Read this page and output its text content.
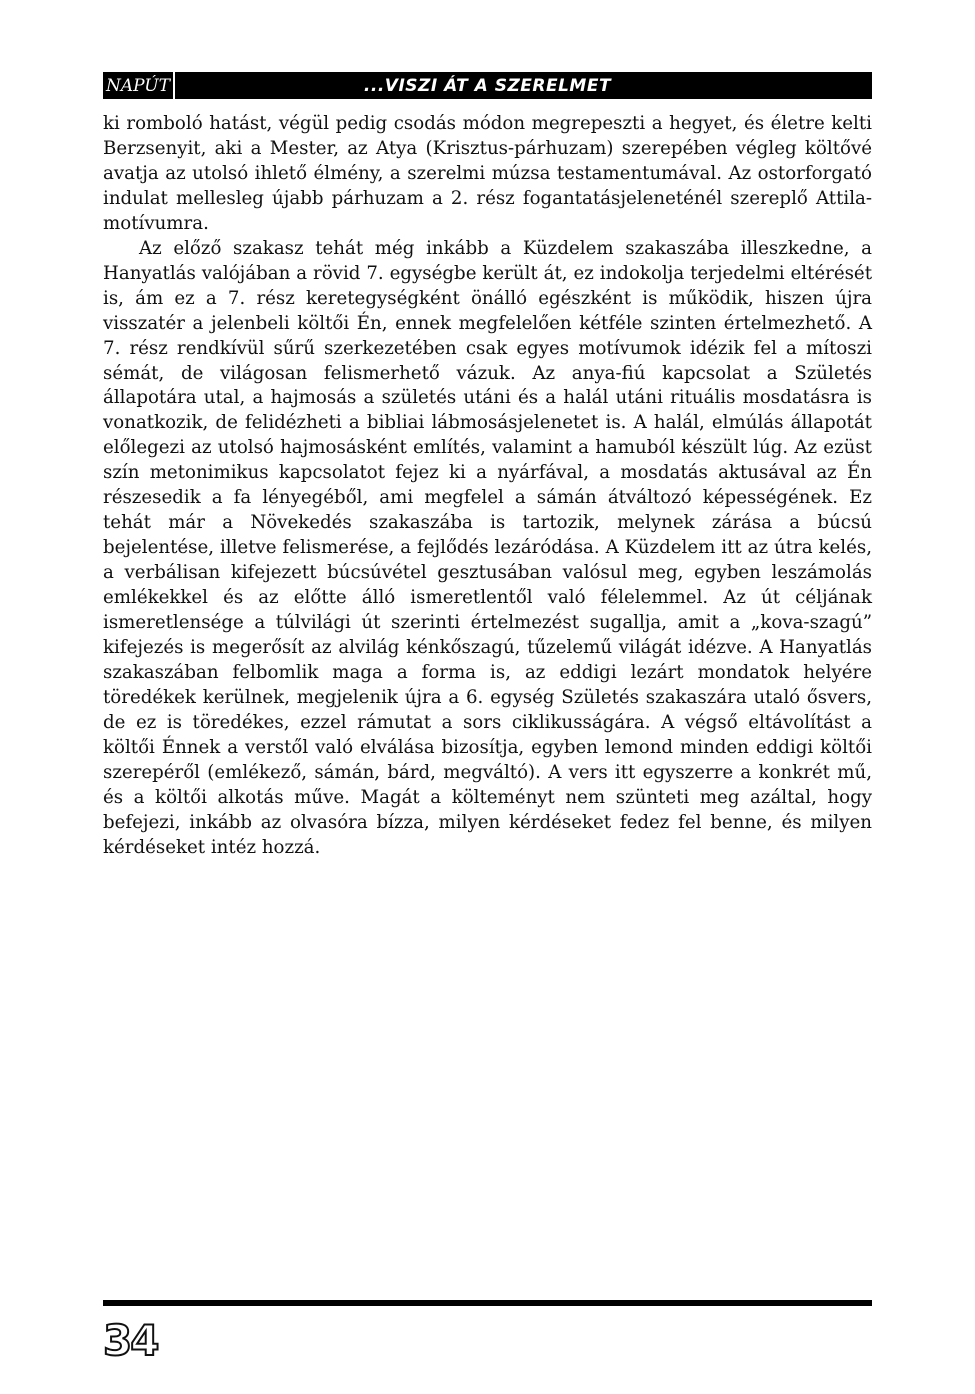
NAPÚT	...VISZI ÁT A SZERELMET

ki romboló hatást, végül pedig csodás módon megrepeszti a hegyet, és életre kelti Berzsenyit, aki a Mester, az Atya (Krisztus-párhuzam) szerepében végleg költővé avatja az utolsó ihlető élmény, a szerelmi múzsa testamentumával. Az ostorforgató indulat mellesleg újabb párhuzam a 2. rész fogantatásjeleneténél szereplő Attila-motívumra.

Az előző szakasz tehát még inkább a Küzdelem szakaszába illeszkedne, a Hanyatlás valójában a rövid 7. egységbe került át, ez indokolja terjedelmi eltérését is, ám ez a 7. rész keretegységként önálló egészként is működik, hiszen újra visszatér a jelenbeli költői Én, ennek megfelelően kétféle szinten értelmezhető. A 7. rész rendkívül sűrű szerkezetében csak egyes motívumok idézik fel a mítoszi sémát, de világosan felismerhető vázuk. Az anya-fiú kapcsolat a Születés állapotára utal, a hajmosás a születés utáni és a halál utáni rituális mosdatásra is vonatkozik, de felidézheti a bibliai lábmosásjelenetet is. A halál, elmúlás állapotát előlegezi az utolsó hajmosásként említés, valamint a hamuból készült lúg. Az ezüst szín metonimikus kapcsolatot fejez ki a nyárfával, a mosdatás aktusával az Én részesedik a fa lényegéből, ami megfelel a sámán átváltozó képességének. Ez tehát már a Növekedés szakaszába is tartozik, melynek zárása a búcsú bejelentése, illetve felismerése, a fejlődés lezáródása. A Küzdelem itt az útra kelés, a verbálisan kifejezett búcsúvétel gesztusában valósul meg, egyben leszámolás emlékekkel és az előtte álló ismeretlentől való félelemmel. Az út céljának ismeretlensége a túlvilági út szerinti értelmezést sugallja, amit a „kova-szagú” kifejezés is megerősít az alvilág kénkőszagú, tűzelemű világát idézve. A Hanyatlás szakaszában felbomlik maga a forma is, az eddigi lezárt mondatok helyére töredékek kerülnek, megjelenik újra a 6. egység Születés szakaszára utaló ősvers, de ez is töredékes, ezzel rámutat a sors ciklikusságára. A végső eltávolítást a költői Énnek a verstől való elválása bizosítja, egyben lemond minden eddigi költői szerepéről (emlékező, sámán, bárd, megváltó). A vers itt egyszerre a konkrét mű, és a költői alkotás műve. Magát a költeményt nem szünteti meg azáltal, hogy befejezi, inkább az olvasóra bízza, milyen kérdéseket fedez fel benne, és milyen kérdéseket intéz hozzá.

34
